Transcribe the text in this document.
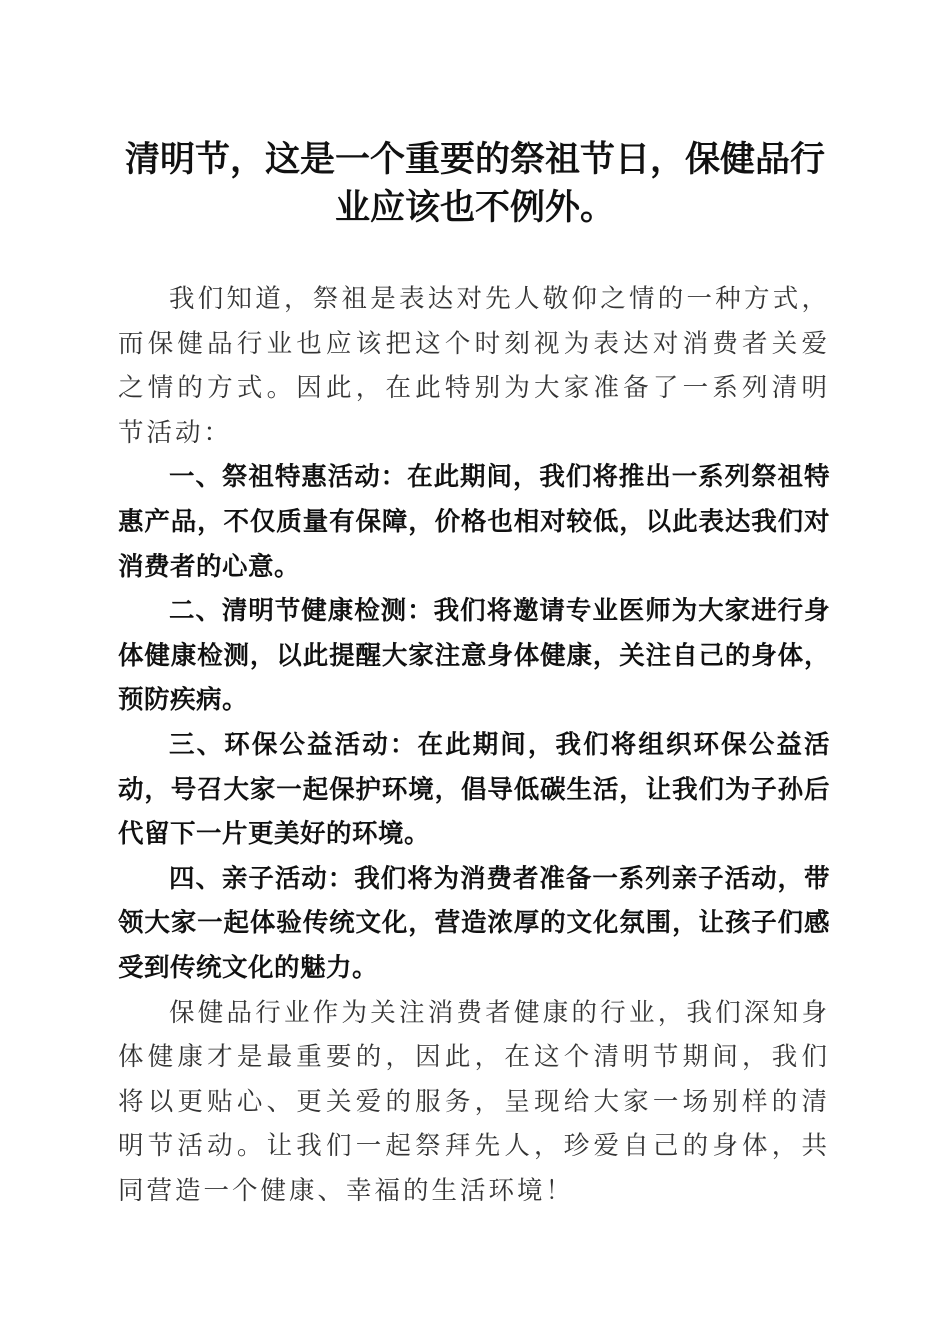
清明节，这是一个重要的祭祖节日，保健品行业应该也不例外。

我们知道，祭祖是表达对先人敬仰之情的一种方式，而保健品行业也应该把这个时刻视为表达对消费者关爱之情的方式。因此，在此特别为大家准备了一系列清明节活动：

一、祭祖特惠活动：在此期间，我们将推出一系列祭祖特惠产品，不仅质量有保障，价格也相对较低，以此表达我们对消费者的心意。

二、清明节健康检测：我们将邀请专业医师为大家进行身体健康检测，以此提醒大家注意身体健康，关注自己的身体，预防疾病。

三、环保公益活动：在此期间，我们将组织环保公益活动，号召大家一起保护环境，倡导低碳生活，让我们为子孙后代留下一片更美好的环境。

四、亲子活动：我们将为消费者准备一系列亲子活动，带领大家一起体验传统文化，营造浓厚的文化氛围，让孩子们感受到传统文化的魅力。

保健品行业作为关注消费者健康的行业，我们深知身体健康才是最重要的，因此，在这个清明节期间，我们将以更贴心、更关爱的服务，呈现给大家一场别样的清明节活动。让我们一起祭拜先人，珍爱自己的身体，共同营造一个健康、幸福的生活环境！
